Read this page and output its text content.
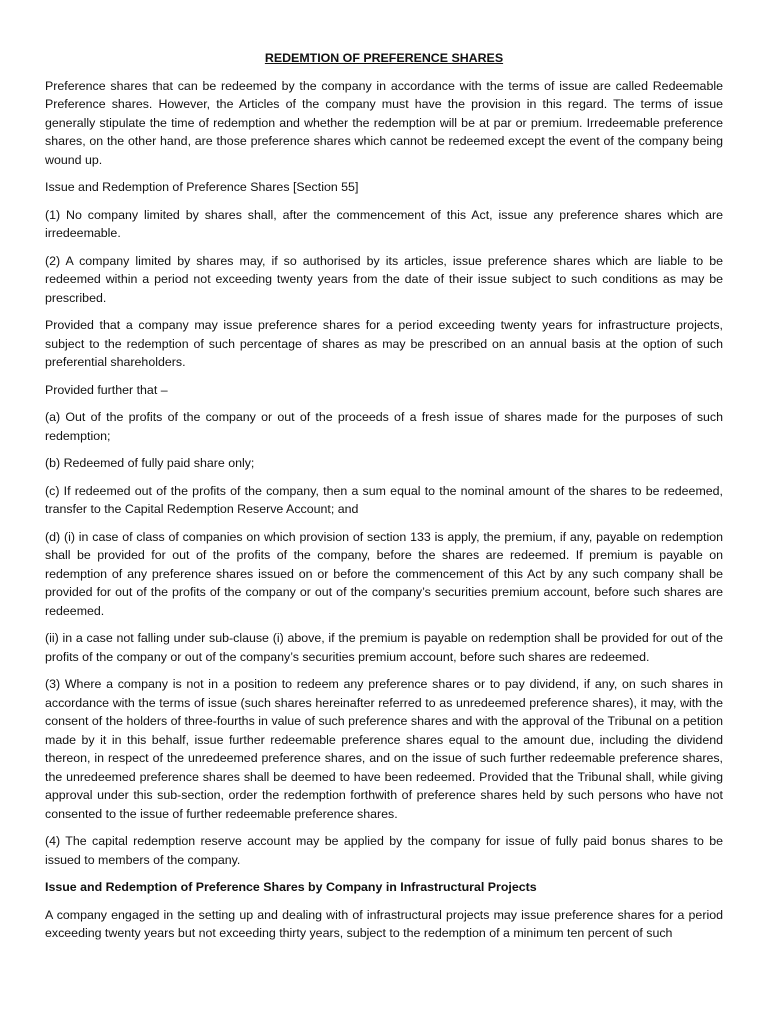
REDEMTION OF PREFERENCE SHARES

Preference shares that can be redeemed by the company in accordance with the terms of issue are called Redeemable Preference shares. However, the Articles of the company must have the provision in this regard. The terms of issue generally stipulate the time of redemption and whether the redemption will be at par or premium. Irredeemable preference shares, on the other hand, are those preference shares which cannot be redeemed except the event of the company being wound up.

Issue and Redemption of Preference Shares [Section 55]

(1) No company limited by shares shall, after the commencement of this Act, issue any preference shares which are irredeemable.

(2) A company limited by shares may, if so authorised by its articles, issue preference shares which are liable to be redeemed within a period not exceeding twenty years from the date of their issue subject to such conditions as may be prescribed.

Provided that a company may issue preference shares for a period exceeding twenty years for infrastructure projects, subject to the redemption of such percentage of shares as may be prescribed on an annual basis at the option of such preferential shareholders.

Provided further that –

(a) Out of the profits of the company or out of the proceeds of a fresh issue of shares made for the purposes of such redemption;

(b) Redeemed of fully paid share only;

(c) If redeemed out of the profits of the company, then a sum equal to the nominal amount of the shares to be redeemed, transfer to the Capital Redemption Reserve Account; and

(d) (i) in case of class of companies on which provision of section 133 is apply, the premium, if any, payable on redemption shall be provided for out of the profits of the company, before the shares are redeemed. If premium is payable on redemption of any preference shares issued on or before the commencement of this Act by any such company shall be provided for out of the profits of the company or out of the company’s securities premium account, before such shares are redeemed.

(ii) in a case not falling under sub-clause (i) above, if the premium is payable on redemption shall be provided for out of the profits of the company or out of the company’s securities premium account, before such shares are redeemed.

(3) Where a company is not in a position to redeem any preference shares or to pay dividend, if any, on such shares in accordance with the terms of issue (such shares hereinafter referred to as unredeemed preference shares), it may, with the consent of the holders of three-fourths in value of such preference shares and with the approval of the Tribunal on a petition made by it in this behalf, issue further redeemable preference shares equal to the amount due, including the dividend thereon, in respect of the unredeemed preference shares, and on the issue of such further redeemable preference shares, the unredeemed preference shares shall be deemed to have been redeemed. Provided that the Tribunal shall, while giving approval under this sub-section, order the redemption forthwith of preference shares held by such persons who have not consented to the issue of further redeemable preference shares.

(4) The capital redemption reserve account may be applied by the company for issue of fully paid bonus shares to be issued to members of the company.

Issue and Redemption of Preference Shares by Company in Infrastructural Projects

A company engaged in the setting up and dealing with of infrastructural projects may issue preference shares for a period exceeding twenty years but not exceeding thirty years, subject to the redemption of a minimum ten percent of such
